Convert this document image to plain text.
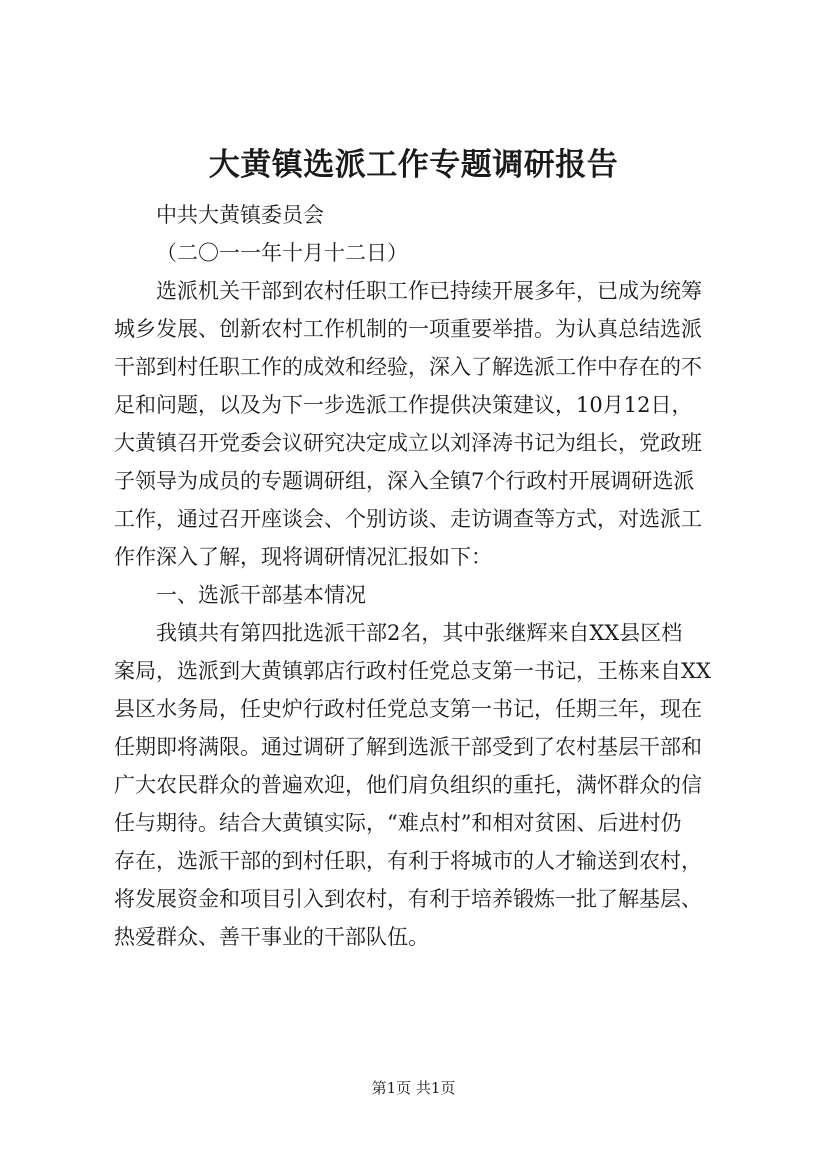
大黄镇选派工作专题调研报告
中共大黄镇委员会
（二〇一一年十月十二日）
选派机关干部到农村任职工作已持续开展多年，已成为统筹
城乡发展、创新农村工作机制的一项重要举措。为认真总结选派
干部到村任职工作的成效和经验，深入了解选派工作中存在的不
足和问题，以及为下一步选派工作提供决策建议，10月12日，
大黄镇召开党委会议研究决定成立以刘泽涛书记为组长，党政班
子领导为成员的专题调研组，深入全镇7个行政村开展调研选派
工作，通过召开座谈会、个别访谈、走访调查等方式，对选派工
作作深入了解，现将调研情况汇报如下：
一、选派干部基本情况
我镇共有第四批选派干部2名，其中张继辉来自XX县区档
案局，选派到大黄镇郭店行政村任党总支第一书记，王栋来自XX
县区水务局，任史炉行政村任党总支第一书记，任期三年，现在
任期即将满限。通过调研了解到选派干部受到了农村基层干部和
广大农民群众的普遍欢迎，他们肩负组织的重托，满怀群众的信
任与期待。结合大黄镇实际，“难点村”和相对贫困、后进村仍
存在，选派干部的到村任职，有利于将城市的人才输送到农村，
将发展资金和项目引入到农村，有利于培养锻炼一批了解基层、
热爱群众、善干事业的干部队伍。
第1页 共1页
